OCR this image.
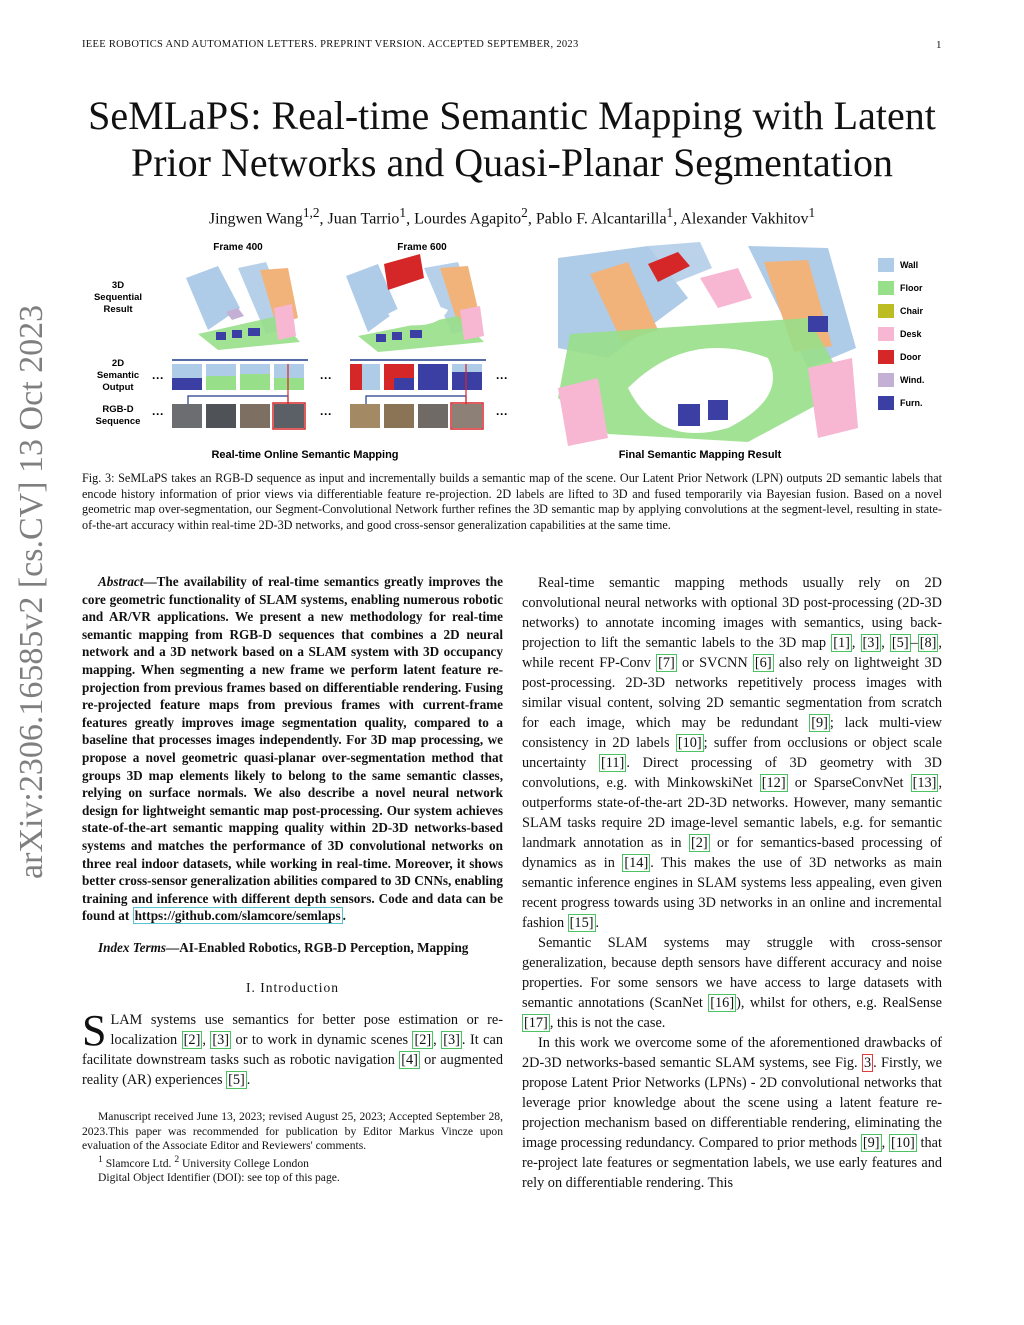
IEEE ROBOTICS AND AUTOMATION LETTERS. PREPRINT VERSION. ACCEPTED SEPTEMBER, 2023	1
SeMLaPS: Real-time Semantic Mapping with Latent
Prior Networks and Quasi-Planar Segmentation
Jingwen Wang$^{1,2}$, Juan Tarrio$^1$, Lourdes Agapito$^2$, Pablo F. Alcantarilla$^1$, Alexander Vakhitov$^1$
arXiv:2306.16585v2 [cs.CV] 13 Oct 2023
Frame 400	Frame 600
3D
Sequential
Result
2D
Semantic
Output
RGB-D
Sequence
···	···	···
···	···	···
Wall
Floor
Chair
Desk
Door
Wind.
Furn.
Real-time Online Semantic Mapping	Final Semantic Mapping Result
Fig. 3: SeMLaPS takes an RGB-D sequence as input and incrementally builds a semantic map of the scene. Our Latent Prior Network (LPN) outputs 2D semantic labels that encode history information of prior views via differentiable feature re-projection. 2D labels are lifted to 3D and fused temporarily via Bayesian fusion. Based on a novel geometric map over-segmentation, our Segment-Convolutional Network further refines the 3D semantic map by applying convolutions at the segment-level, resulting in state-of-the-art accuracy within real-time 2D-3D networks, and good cross-sensor generalization capabilities at the same time.

Abstract—The availability of real-time semantics greatly improves the core geometric functionality of SLAM systems, enabling numerous robotic and AR/VR applications. We present a new methodology for real-time semantic mapping from RGB-D sequences that combines a 2D neural network and a 3D network based on a SLAM system with 3D occupancy mapping. When segmenting a new frame we perform latent feature re-projection from previous frames based on differentiable rendering. Fusing re-projected feature maps from previous frames with current-frame features greatly improves image segmentation quality, compared to a baseline that processes images independently. For 3D map processing, we propose a novel geometric quasi-planar over-segmentation method that groups 3D map elements likely to belong to the same semantic classes, relying on surface normals. We also describe a novel neural network design for lightweight semantic map post-processing. Our system achieves state-of-the-art semantic mapping quality within 2D-3D networks-based systems and matches the performance of 3D convolutional networks on three real indoor datasets, while working in real-time. Moreover, it shows better cross-sensor generalization abilities compared to 3D CNNs, enabling training and inference with different depth sensors. Code and data can be found at https://github.com/slamcore/semlaps .

Index Terms—AI-Enabled Robotics, RGB-D Perception, Mapping

I. Introduction

SLAM systems use semantics for better pose estimation or re-localization [2] , [3] or to work in dynamic scenes [2] , [3] . It can facilitate downstream tasks such as robotic navigation [4] or augmented reality (AR) experiences [5] .

Manuscript received June 13, 2023; revised August 25, 2023; Accepted September 28, 2023.This paper was recommended for publication by Editor Markus Vincze upon evaluation of the Associate Editor and Reviewers' comments.
$^1$ Slamcore Ltd. $^2$ University College London
Digital Object Identifier (DOI): see top of this page.

Real-time semantic mapping methods usually rely on 2D convolutional neural networks with optional 3D post-processing (2D-3D networks) to annotate incoming images with semantics, using back-projection to lift the semantic labels to the 3D map [1] , [3] , [5] – [8] , while recent FP-Conv [7] or SVCNN [6] also rely on lightweight 3D post-processing. 2D-3D networks repetitively process images with similar visual content, solving 2D semantic segmentation from scratch for each image, which may be redundant [9] ; lack multi-view consistency in 2D labels [10] ; suffer from occlusions or object scale uncertainty [11] . Direct processing of 3D geometry with 3D convolutions, e.g. with MinkowskiNet [12] or SparseConvNet [13] , outperforms state-of-the-art 2D-3D networks. However, many semantic SLAM tasks require 2D image-level semantic labels, e.g. for semantic landmark annotation as in [2] or for semantics-based processing of dynamics as in [14] . This makes the use of 3D networks as main semantic inference engines in SLAM systems less appealing, even given recent progress towards using 3D networks in an online and incremental fashion [15] .

Semantic SLAM systems may struggle with cross-sensor generalization, because depth sensors have different accuracy and noise properties. For some sensors we have access to large datasets with semantic annotations (ScanNet [16] ), whilst for others, e.g. RealSense [17] , this is not the case.

In this work we overcome some of the aforementioned drawbacks of 2D-3D networks-based semantic SLAM systems, see Fig. 3 . Firstly, we propose Latent Prior Networks (LPNs) - 2D convolutional networks that leverage prior knowledge about the scene using a latent feature re-projection mechanism based on differentiable rendering, eliminating the image processing redundancy. Compared to prior methods [9] , [10] that re-project late features or segmentation labels, we use early features and rely on differentiable rendering. This
